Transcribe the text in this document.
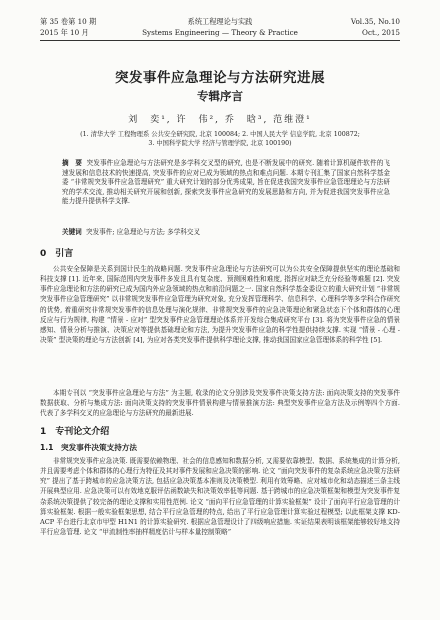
第 35 卷第 10 期	系统工程理论与实践	Vol.35, No.10
2015 年 10 月	Systems Engineering — Theory & Practice	Oct., 2015
突发事件应急理论与方法研究进展
专辑序言
刘　奕¹, 许　伟², 乔　晗³, 范维澄¹
(1. 清华大学 工程物理系 公共安全研究院, 北京 100084; 2. 中国人民大学 信息学院, 北京 100872;
3. 中国科学院大学 经济与管理学院, 北京 100190)
摘　要 突发事件应急理论与方法研究是多学科交叉型的研究, 也是不断发展中的研究. 随着计算机硬件软件的飞速发展和信息技术的快速提高, 突发事件的应对已成为领域的热点和难点问题. 本期专刊汇集了国家自然科学基金委 “非常规突发事件应急管理研究” 重大研究计划的部分优秀成果, 旨在促进我国突发事件应急管理理论与方法研究的学术交流, 推动相关研究开展和创新, 探索突发事件应急研究的发展思路和方向, 并为促进我国突发事件应急能力提升提供科学支撑.
关键词 突发事件; 应急理论与方法; 多学科交叉
0　引言
公共安全保障是关系到国计民生的战略问题. 突发事件应急理论与方法研究可以为公共安全保障提供坚实的理论基础和科技支撑 [1]. 近年来, 国际范围内突发事件多发且具有复杂度、预测困难性和难度, 指挥应对缺乏充分经验等难题 [2]. 突发事件应急理论和方法的研究已成为国内外应急领域的热点和前沿问题之一. 国家自然科学基金委设立的重大研究计划 “非常规突发事件应急管理研究” 以非常规突发事件应急管理为研究对象, 充分发挥管理科学、信息科学、心理科学等多学科合作研究的优势, 着重研究非常规突发事件的信息处理与演化规律、非常规突发事件的应急决策理论和紧急状态下个体和群体的心理反应与行为规律, 构建 “情景 - 应对” 型突发事件应急管理理论体系并开发综合集成研究平台 [3]. 将为突发事件应急的情景感知、情景分析与推演、决策应对等提供基础理论和方法, 为提升突发事件应急的科学性提供持续支撑. 实现 “情景 - 心理 - 决策” 型决策的理论与方法创新 [4], 为应对各类突发事件提供科学理论支撑, 推动我国国家应急管理体系的科学性 [5].
本期专刊以 “突发事件应急理论与方法” 为主题, 收录的论文分别涉及突发事件决策支持方法: 面向决策支持的突发事件数据获取、分析与集成方法: 面向决策支持的突发事件情景构建与情景推演方法: 典型突发事件应急方法及示例等四个方面. 代表了多学科交叉的应急理论与方法研究的最新进展.
1　专刊论文介绍
1.1　突发事件决策支持方法
非常规突发事件应急决策. 既需要依赖物理、社会的信息感知和数据分析, 又需要依靠模型、数据、系统集成的计算分析, 并且需要考虑个体和群体的心理行为特征及其对事件发展和应急决策的影响. 论文 “面向突发事件的复杂系统应急决策方法研究” 提出了基于跨城市的应急决策方法, 包括应急决策基本准则及决策模型. 利用有效筹略、应对城市化和动态描述三条主线开展典型应用. 应急决策可以有效地克服评估函数缺失和决策效率低等问题. 基于跨城市的应急决策框架和模型为突发事件复杂系统决策提供了较完备的理论支撑和实用性范例. 论文 “面向平行应急管理的计算实验框架” 设计了面向平行应急管理的计算实验框架. 根据一般实验框架思想, 结合平行应急管理的特点, 给出了平行应急管理计算实验过程模型; 以此框架支撑 KD-ACP 平台进行北京市甲型 H1N1 的计算实验研究. 根据应急管理设计了四级响应措施. 实证结果表明该框架能够较好地支持平行应急管理. 论文 “甲流制性率抽样精度估计与样本量控制策略”
